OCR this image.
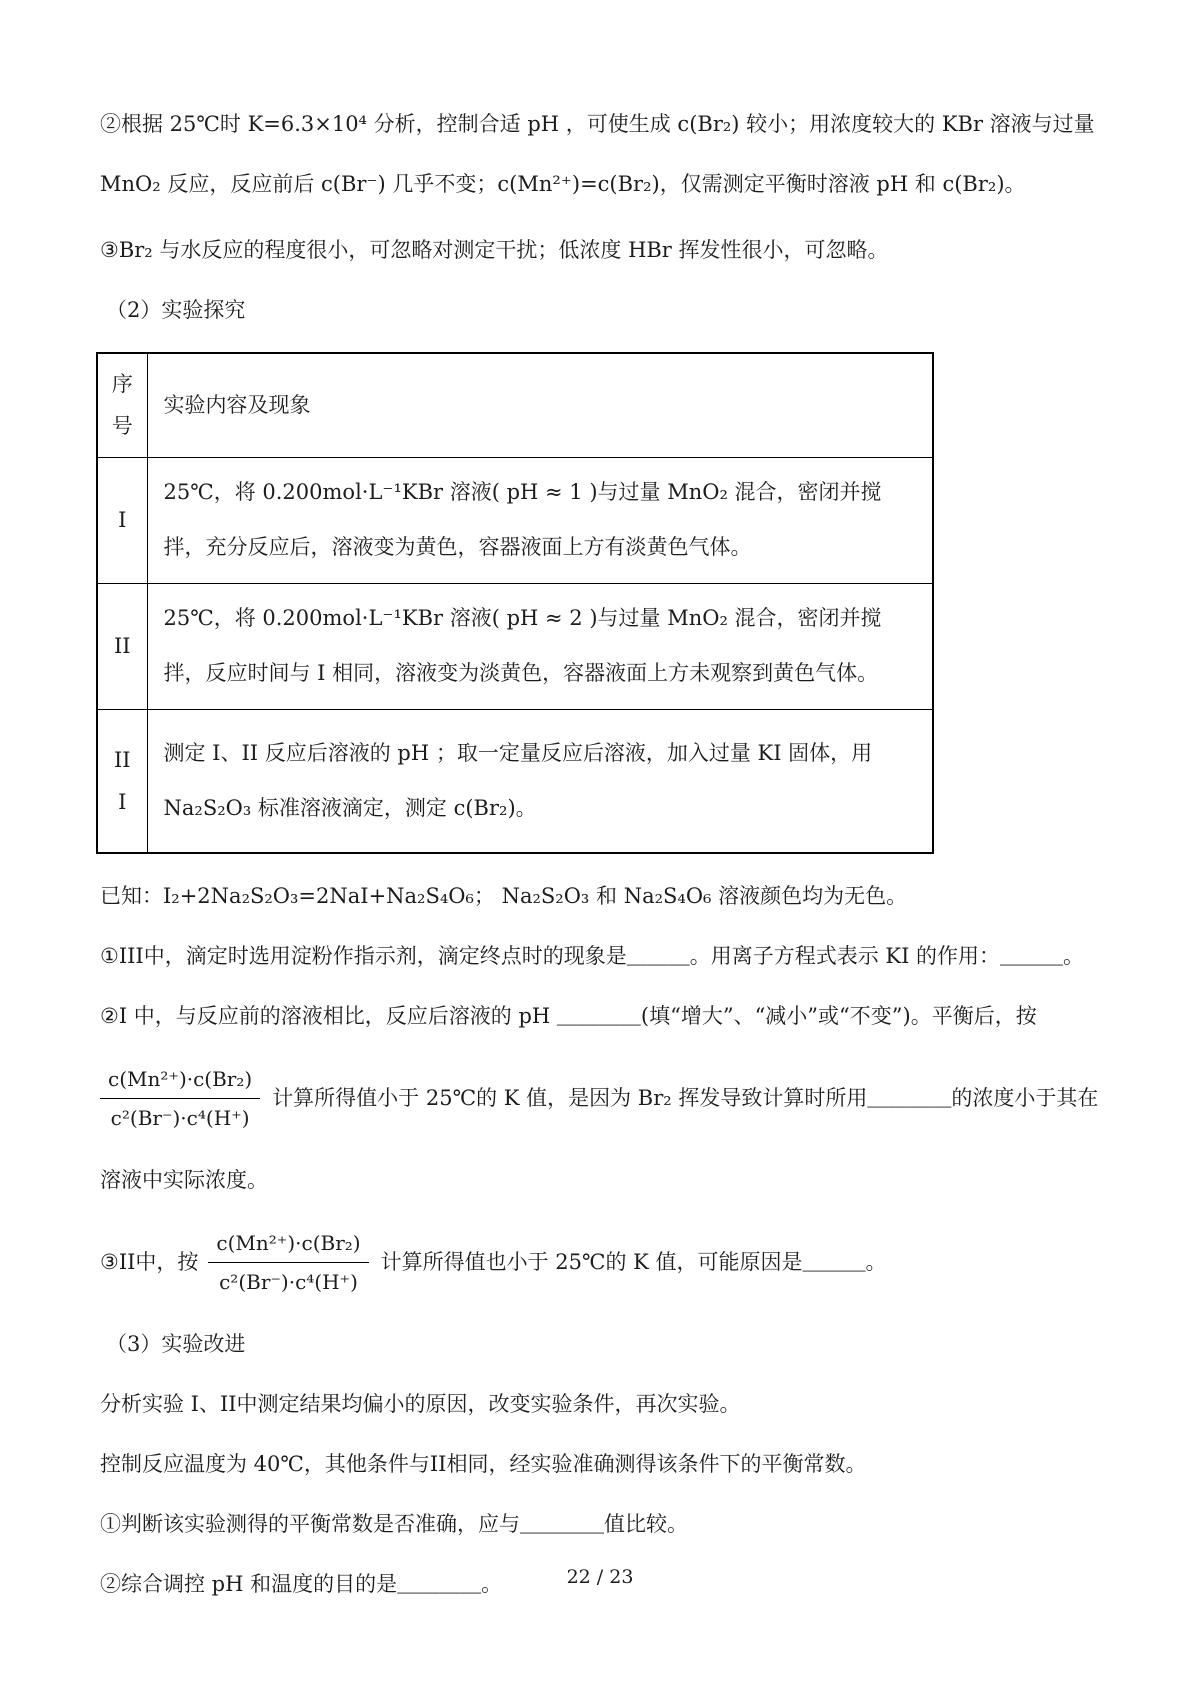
②根据 25℃时 K=6.3×10⁴ 分析，控制合适 pH ，可使生成 c(Br₂) 较小；用浓度较大的 KBr 溶液与过量 MnO₂ 反应，反应前后 c(Br⁻) 几乎不变；c(Mn²⁺)=c(Br₂)，仅需测定平衡时溶液 pH 和 c(Br₂)。

③Br₂ 与水反应的程度很小，可忽略对测定干扰；低浓度 HBr 挥发性很小，可忽略。

（2）实验探究

序号	实验内容及现象
I	25℃，将 0.200mol·L⁻¹KBr 溶液( pH ≈ 1 )与过量 MnO₂ 混合，密闭并搅拌，充分反应后，溶液变为黄色，容器液面上方有淡黄色气体。
II	25℃，将 0.200mol·L⁻¹KBr 溶液( pH ≈ 2 )与过量 MnO₂ 混合，密闭并搅拌，反应时间与 I 相同，溶液变为淡黄色，容器液面上方未观察到黄色气体。
III	测定 I、II 反应后溶液的 pH ；取一定量反应后溶液，加入过量 KI 固体，用 Na₂S₂O₃ 标准溶液滴定，测定 c(Br₂)。

已知：I₂+2Na₂S₂O₃=2NaI+Na₂S₄O₆； Na₂S₂O₃ 和 Na₂S₄O₆ 溶液颜色均为无色。

①III中，滴定时选用淀粉作指示剂，滴定终点时的现象是＿＿＿。用离子方程式表示 KI 的作用：＿＿＿。

②I 中，与反应前的溶液相比，反应后溶液的 pH ＿＿＿＿(填“增大”、“减小”或“不变”)。平衡后，按

$\frac{\text{c(Mn²⁺)·c(Br₂)}}{\text{c²(Br⁻)·c⁴(H⁺)}}$ 计算所得值小于 25℃的 K 值，是因为 Br₂ 挥发导致计算时所用＿＿＿＿的浓度小于其在

溶液中实际浓度。

③II中，按 $\frac{\text{c(Mn²⁺)·c(Br₂)}}{\text{c²(Br⁻)·c⁴(H⁺)}}$ 计算所得值也小于 25℃的 K 值，可能原因是＿＿＿。

（3）实验改进

分析实验 I、II中测定结果均偏小的原因，改变实验条件，再次实验。

控制反应温度为 40℃，其他条件与II相同，经实验准确测得该条件下的平衡常数。

①判断该实验测得的平衡常数是否准确，应与＿＿＿＿值比较。

②综合调控 pH 和温度的目的是＿＿＿＿。	22 / 23
